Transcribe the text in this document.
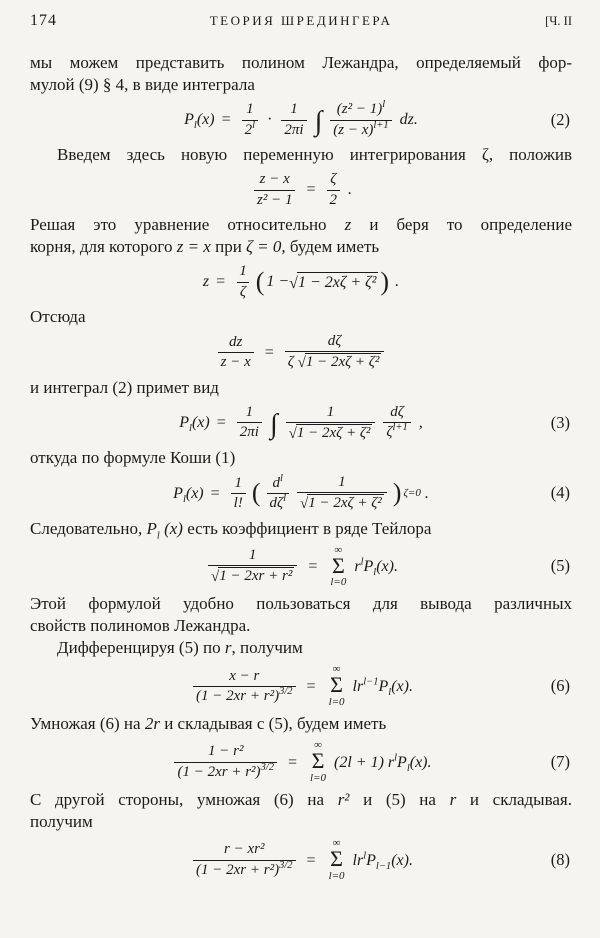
174	ТЕОРИЯ ШРЕДИНГЕРА	[Ч. II
мы можем представить полином Лежандра, определяемый фор-
мулой (9) § 4, в виде интеграла
$P_l(x) = \frac{1}{2^l} \cdot \frac{1}{2\pi i}$ ∫ $\frac{(z^2 - 1)^l}{(z - x)^{l+1}}$ dz.	(2)
Введем здесь новую переменную интегрирования ζ, положив
$\frac{z - x}{\text{z² − 1}} = \frac{\zeta}{2}$ .
Решая это уравнение относительно z и беря то определение
корня, для которого z = x при ζ = 0, будем иметь
$z = \frac{1}{\zeta}$ ( 1 − √1 − 2xζ + ζ² ) .
Отсюда
$\frac{dz}{z - x} = \frac{d\zeta}{\text{ζ √1 − 2xζ + ζ²}}$
и интеграл (2) примет вид
$P_l(x) = \frac{1}{2\pi i}$ ∫ $\frac{1}{\text{√1 − 2xζ + ζ²}} \frac{d\zeta}{\zeta^{l+1}}$ ,	(3)
откуда по формуле Коши (1)
$P_l(x) = \frac{1}{l!}$ ( $d^l$
$d\zeta^l \frac{1}{\text{√1 − 2xζ + ζ²}}$ ) ζ=0 .	(4)
Следовательно, $P_l$ (x) есть коэффициент в ряде Тейлора
$\frac{1}{\text{√1 − 2xr + r²}}$ =
∞
Σ
l=0
$r^lP_l(x)$.	(5)
Этой формулой удобно пользоваться для вывода различных
свойств полиномов Лежандра.
Дифференцируя (5) по r, получим
$\frac{x - r}{(1 - 2xr + r^2)^{3/2}}$ =
∞
Σ
l=0
$lr^{l-1}P_l(x)$.	(6)
Умножая (6) на 2r и складывая с (5), будем иметь
$\frac{\text{1 − r²}}{(1 - 2xr + r^2)^{3/2}}$ =
∞
Σ
l=0
(2l + 1) $r^lP_l(x)$.	(7)
С другой стороны, умножая (6) на r² и (5) на r и складывая.
получим
$\frac{\text{r − xr²}}{(1 - 2xr + r^2)^{3/2}}$ =
∞
Σ
l=0
$lr^lP_{l-1}(x)$.	(8)
